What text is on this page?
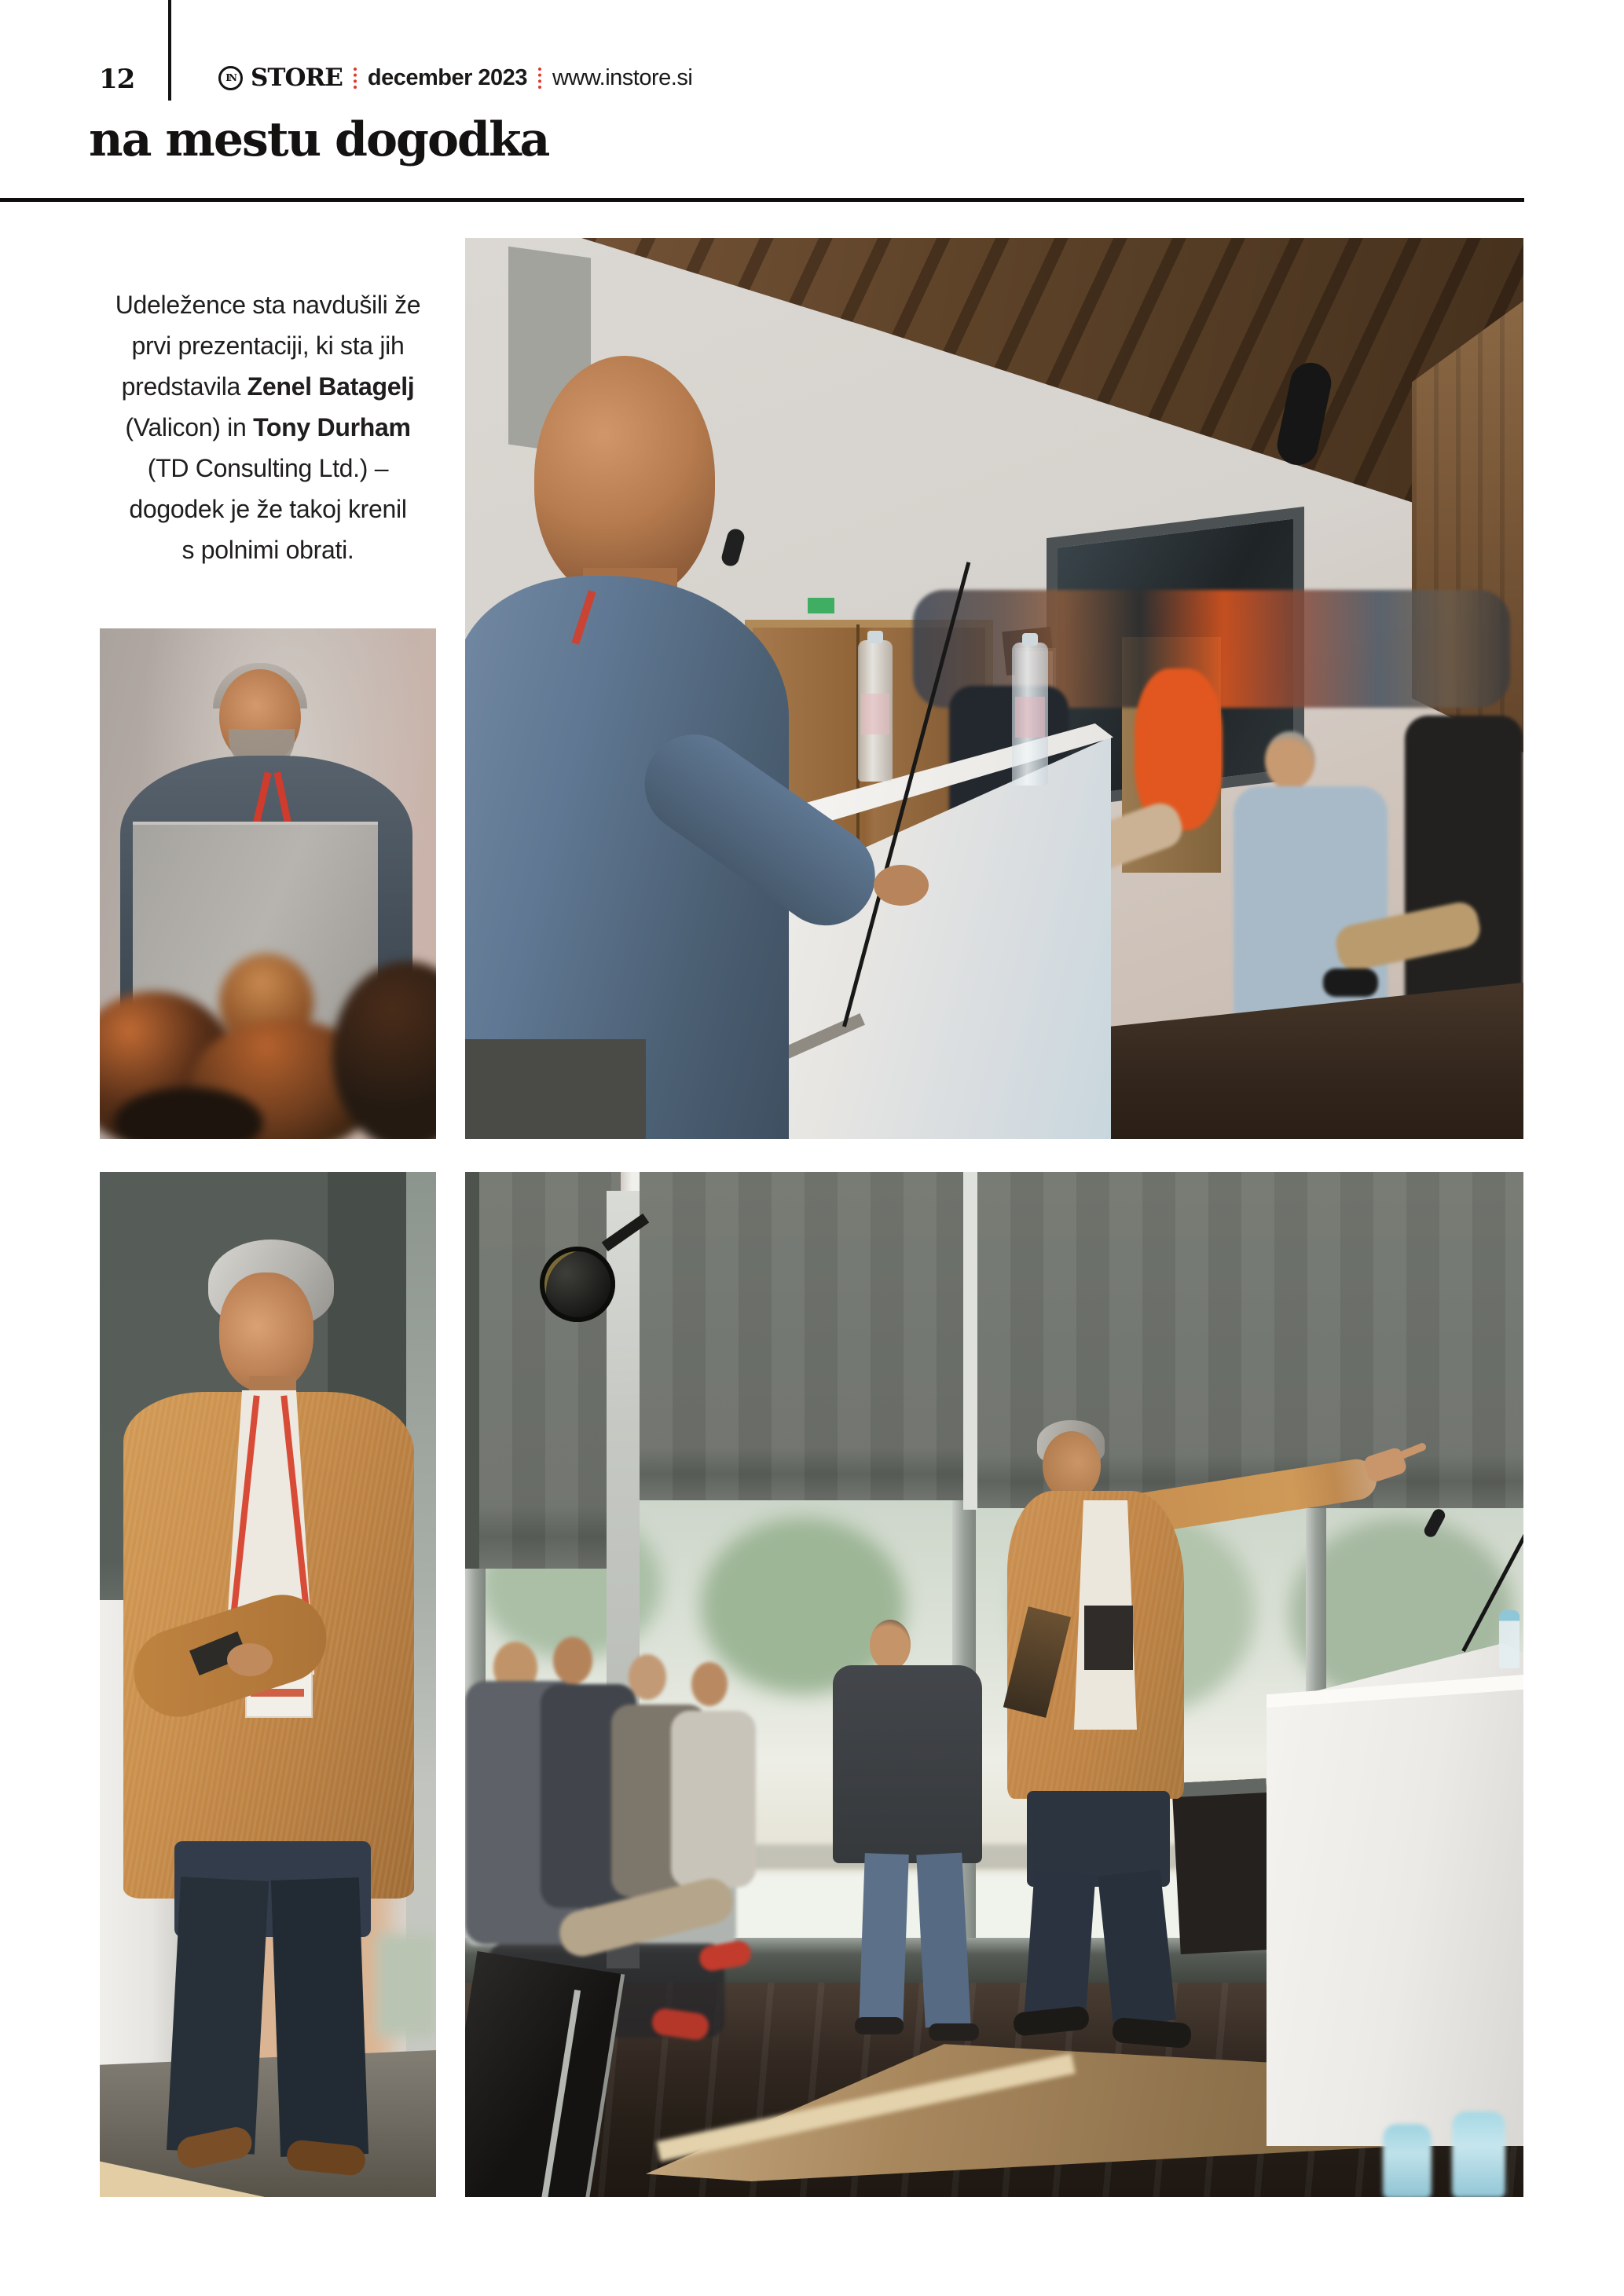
12	IN STORE december 2023 www.instore.si
na mestu dogodka
Udeležence sta navdušili že
prvi prezentaciji, ki sta jih
predstavila Zenel Batagelj
(Valicon) in Tony Durham
(TD Consulting Ltd.) –
dogodek je že takoj krenil
s polnimi obrati.
